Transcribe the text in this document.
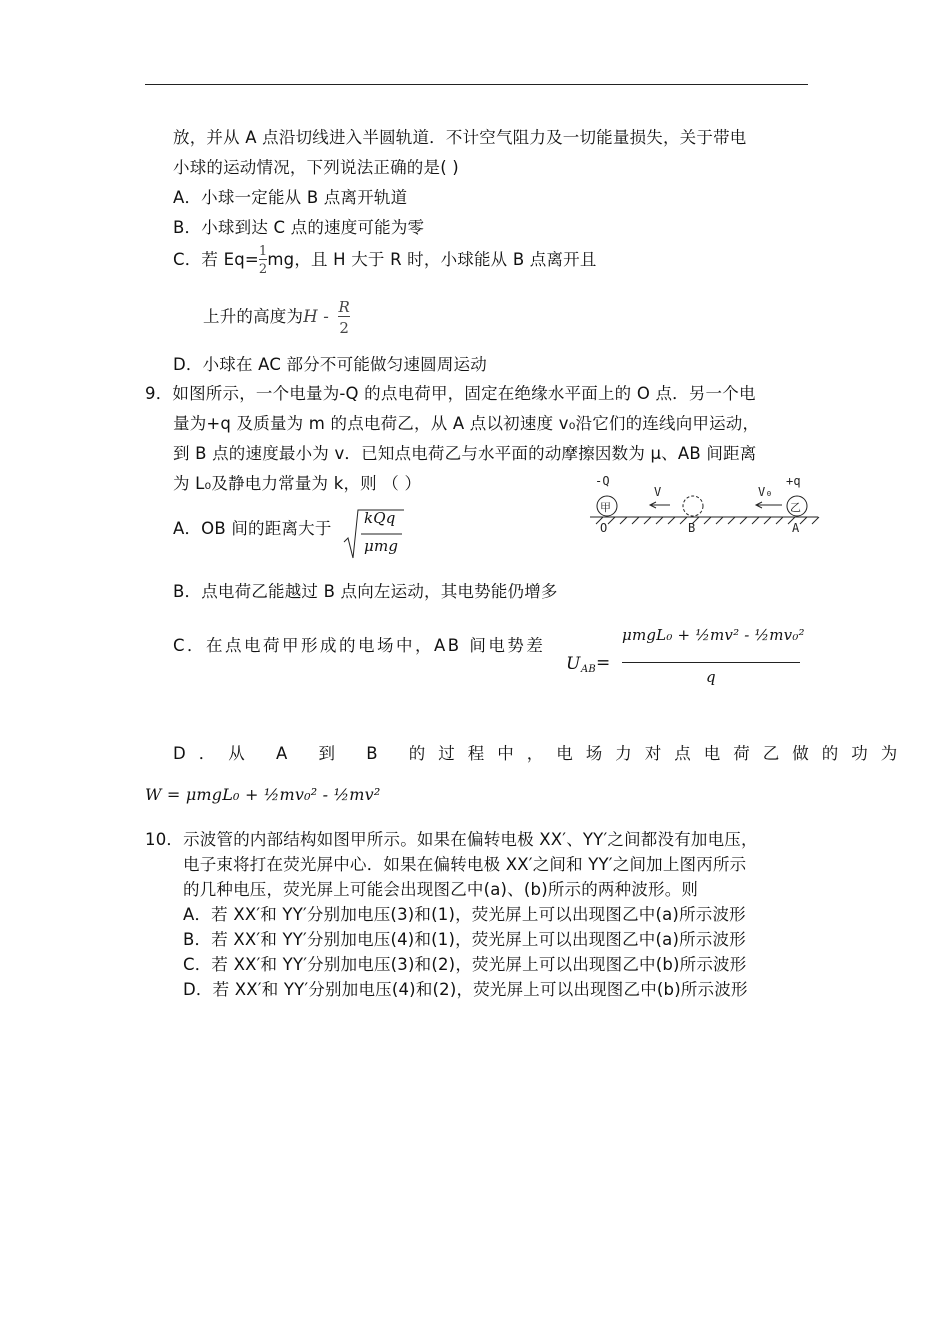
放，并从 A 点沿切线进入半圆轨道．不计空气阻力及一切能量损失，关于带电
小球的运动情况，下列说法正确的是( )
A．小球一定能从 B 点离开轨道
B．小球到达 C 点的速度可能为零
C．若 $Eq= \frac{1}{2}$ mg，且 H 大于 R 时，小球能从 B 点离开且
上升的高度为H - $\frac{R}{2}$
D．小球在 AC 部分不可能做匀速圆周运动
9．如图所示，一个电量为-Q 的点电荷甲，固定在绝缘水平面上的 O 点．另一个电
量为+q 及质量为 m 的点电荷乙，从 A 点以初速度 v₀沿它们的连线向甲运动，
到 B 点的速度最小为 v．已知点电荷乙与水平面的动摩擦因数为 μ、AB 间距离
为 L₀及静电力常量为 k，则 （ ）	-Q
甲
V	V₀
+q
乙
O	B	A
A．OB 间的距离大于
kQq
μmg
B．点电荷乙能越过 B 点向左运动，其电势能仍增多
C．在点电荷甲形成的电场中，AB 间电势差
U AB =
μmgL₀ + ½mv² - ½mv₀²
q
D．从 A 到 B 的过程中，电场力对点电荷乙做的功为
W = μmgL₀ + ½mv₀² - ½mv²
10．示波管的内部结构如图甲所示。如果在偏转电极 XX′、YY′之间都没有加电压，
电子束将打在荧光屏中心．如果在偏转电极 XX′之间和 YY′之间加上图丙所示
的几种电压，荧光屏上可能会出现图乙中(a)、(b)所示的两种波形。则
A．若 XX′和 YY′分别加电压(3)和(1)，荧光屏上可以出现图乙中(a)所示波形
B．若 XX′和 YY′分别加电压(4)和(1)，荧光屏上可以出现图乙中(a)所示波形
C．若 XX′和 YY′分别加电压(3)和(2)，荧光屏上可以出现图乙中(b)所示波形
D．若 XX′和 YY′分别加电压(4)和(2)，荧光屏上可以出现图乙中(b)所示波形
